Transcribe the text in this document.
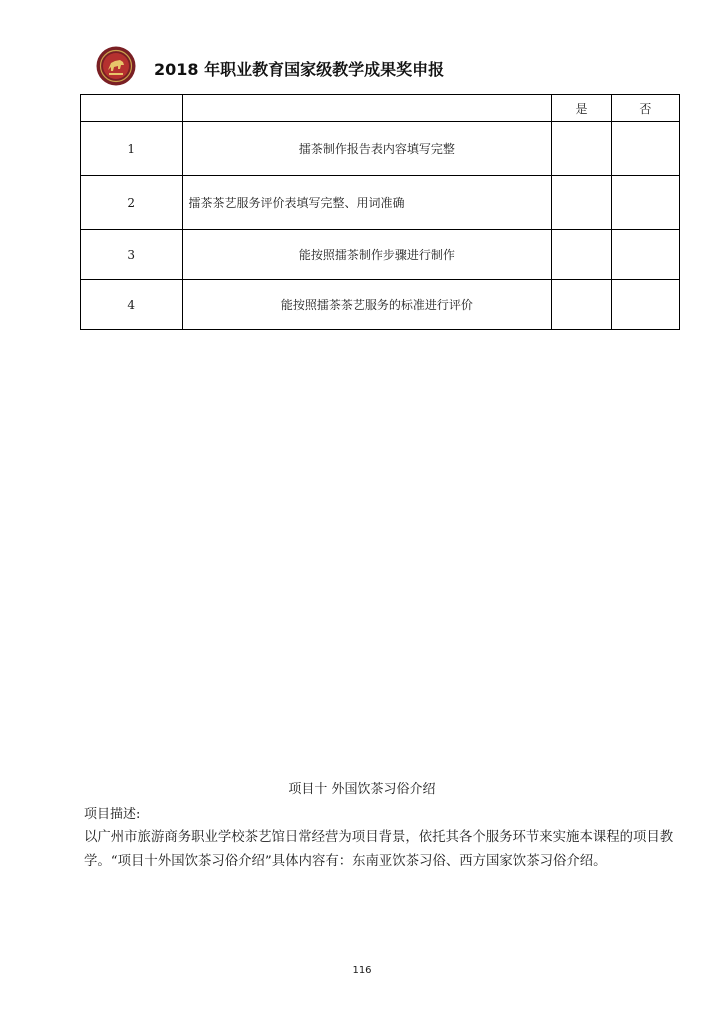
2018 年职业教育国家级教学成果奖申报
		是	否
1	擂茶制作报告表内容填写完整		
2	擂茶茶艺服务评价表填写完整、用词准确		
3	能按照擂茶制作步骤进行制作		
4	能按照擂茶茶艺服务的标准进行评价		
项目十 外国饮茶习俗介绍
项目描述:

以广州市旅游商务职业学校茶艺馆日常经营为项目背景，依托其各个服务环节来实施本课程的项目教学。“项目十外国饮茶习俗介绍”具体内容有：东南亚饮茶习俗、西方国家饮茶习俗介绍。

116
